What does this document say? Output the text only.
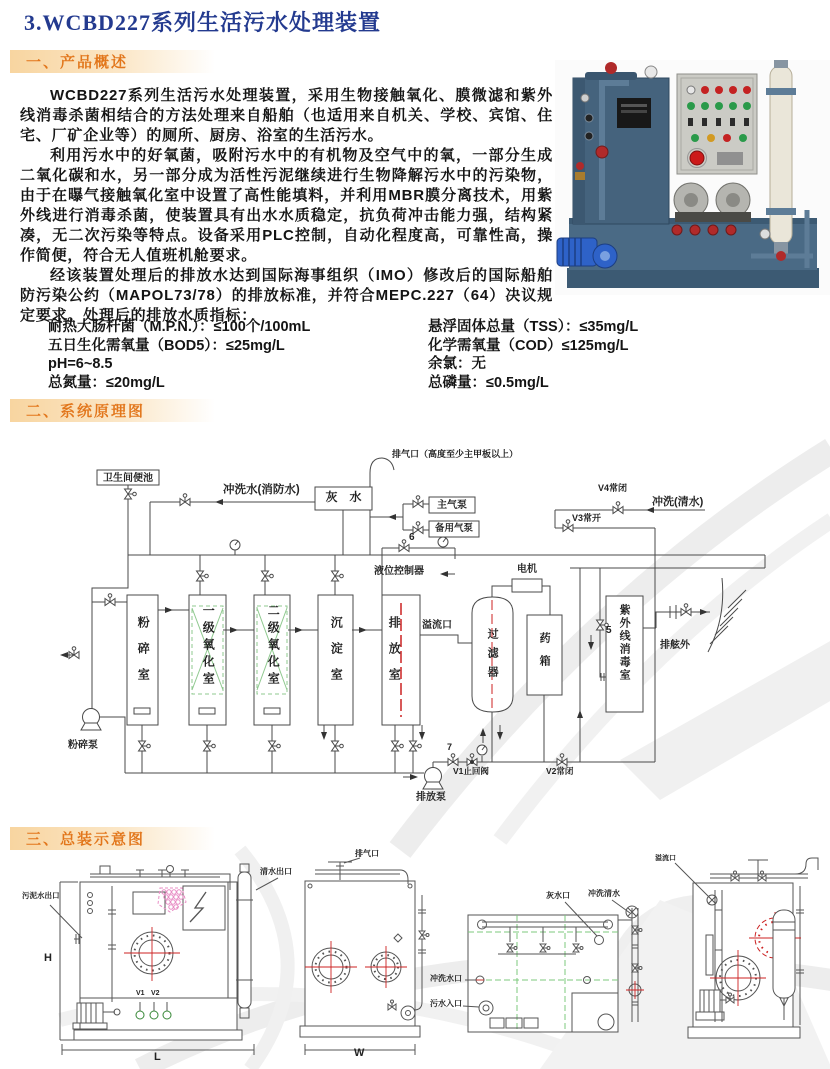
3.WCBD227系列生活污水处理装置
一、产品概述

WCBD227系列生活污水处理装置，采用生物接触氧化、膜微滤和紫外线消毒杀菌相结合的方法处理来自船舶（也适用来自机关、学校、宾馆、住宅、厂矿企业等）的厕所、厨房、浴室的生活污水。

利用污水中的好氧菌，吸附污水中的有机物及空气中的氧，一部分生成二氧化碳和水，另一部分成为活性污泥继续进行生物降解污水中的污染物，由于在曝气接触氧化室中设置了高性能填料，并利用MBR膜分离技术，用紫外线进行消毒杀菌，使装置具有出水水质稳定，抗负荷冲击能力强，结构紧凑，无二次污染等特点。设备采用PLC控制，自动化程度高，可靠性高，操作简便，符合无人值班机舱要求。

经该装置处理后的排放水达到国际海事组织（IMO）修改后的国际船舶防污染公约（MAPOL73/78）的排放标准，并符合MEPC.227（64）决议规定要求。处理后的排放水质指标：

耐热大肠杆菌（M.P.N.）：≤100个/100mL
五日生化需氧量（BOD5）：≤25mg/L
pH=6~8.5
总氮量：≤20mg/L
悬浮固体总量（TSS）：≤35mg/L
化学需氧量（COD）≤125mg/L
余氯：无
总磷量：≤0.5mg/L
二、系统原理图
排气口（高度至少主甲板以上）
卫生间便池
冲洗水(消防水)	灰　水
主气泵
备用气泵
V4常闭
冲洗(清水)
V3常开
6
液位控制器	电机
溢流口
粉碎室	一级氧化室	二级氧化室	沉淀室	排放室	过滤器	药箱	紫外线消毒室
5
排舷外
粉碎泵
排放泵
7
V1止回阀	V2常闭
三、总装示意图
污泥水出口
H
L
V1 V2
清水出口
排气口
W
灰水口 冲洗清水
冲洗水口
污水入口
溢流口
